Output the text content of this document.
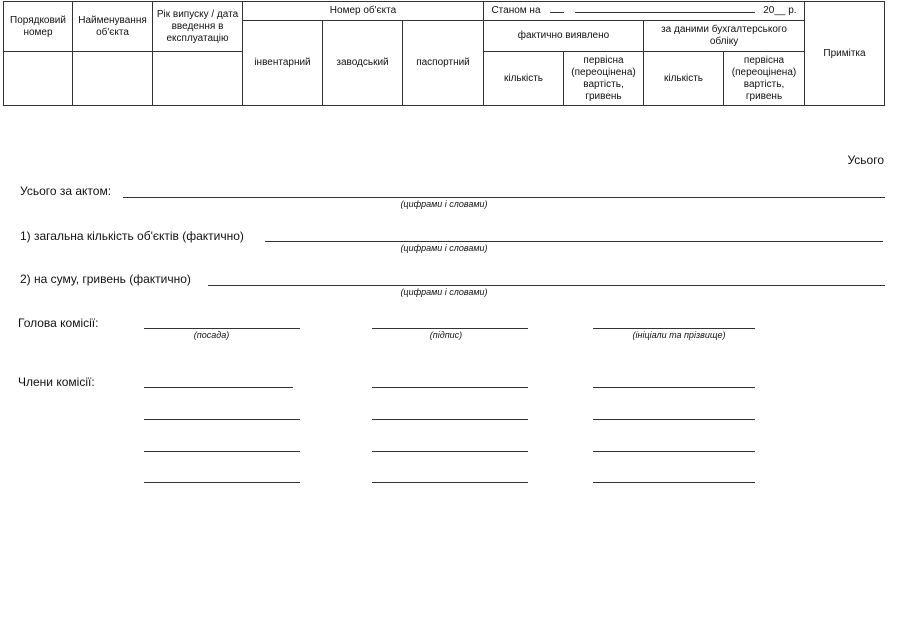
Порядковий номер	Найменування об'єкта	Рік випуску / дата введення в експлуатацію	Номер об'єкта			Станом на 20__ р.				Примітка
			інвентарний	заводський	паспортний	фактично виявлено		за даними бухгалтерського обліку		
						кількість	первісна (переоцінена) вартість, гривень	кількість	первісна (переоцінена) вартість, гривень	
Усього
Усього за актом:
(цифрами і словами)
1) загальна кількість об'єктів (фактично)
(цифрами і словами)
2) на суму, гривень (фактично)
(цифрами і словами)
Голова комісії:
(посада)	(підпис)	(ініціали та прізвище)
Члени комісії:
